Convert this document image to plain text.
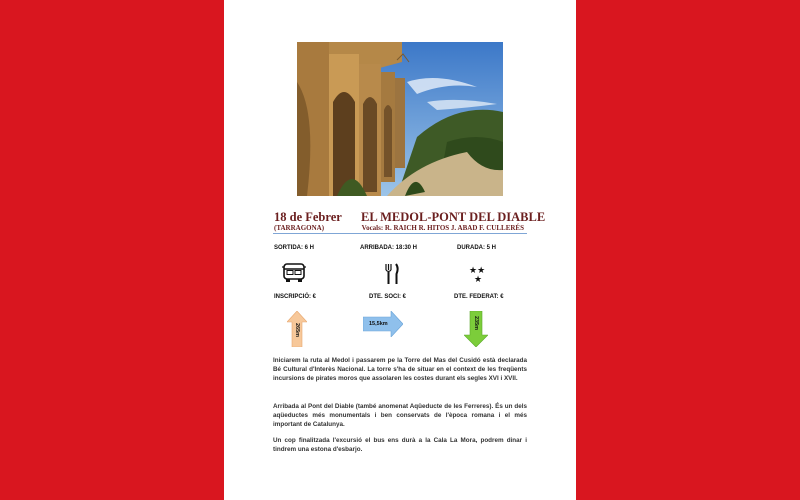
18 de Febrer EL MEDOL-PONT DEL DIABLE
(TARRAGONA)	Vocals: R. RAICH R. HITOS J. ABAD F. CULLERÉS
SORTIDA: 6 H	ARRIBADA: 18:30 H	DURADA: 5 H
★★
★
INSCRIPCIÓ: €	DTE. SOCI: €	DTE. FEDERAT: €
265m	15,5km	235m

Iniciarem la ruta al Medol i passarem pe la Torre del Mas del Cusidó està declarada Bé Cultural d'Interès Nacional. La torre s'ha de situar en el context de les freqüents incursions de pirates moros que assolaren les costes durant els segles XVI i XVII.

Arribada al Pont del Diable (també anomenat Aqüeducte de les Ferreres). És un dels aqüeductes més monumentals i ben conservats de l'època romana i el més important de Catalunya.

Un cop finalitzada l'excursió el bus ens durà a la Cala La Mora, podrem dinar i tindrem una estona d'esbarjo.
